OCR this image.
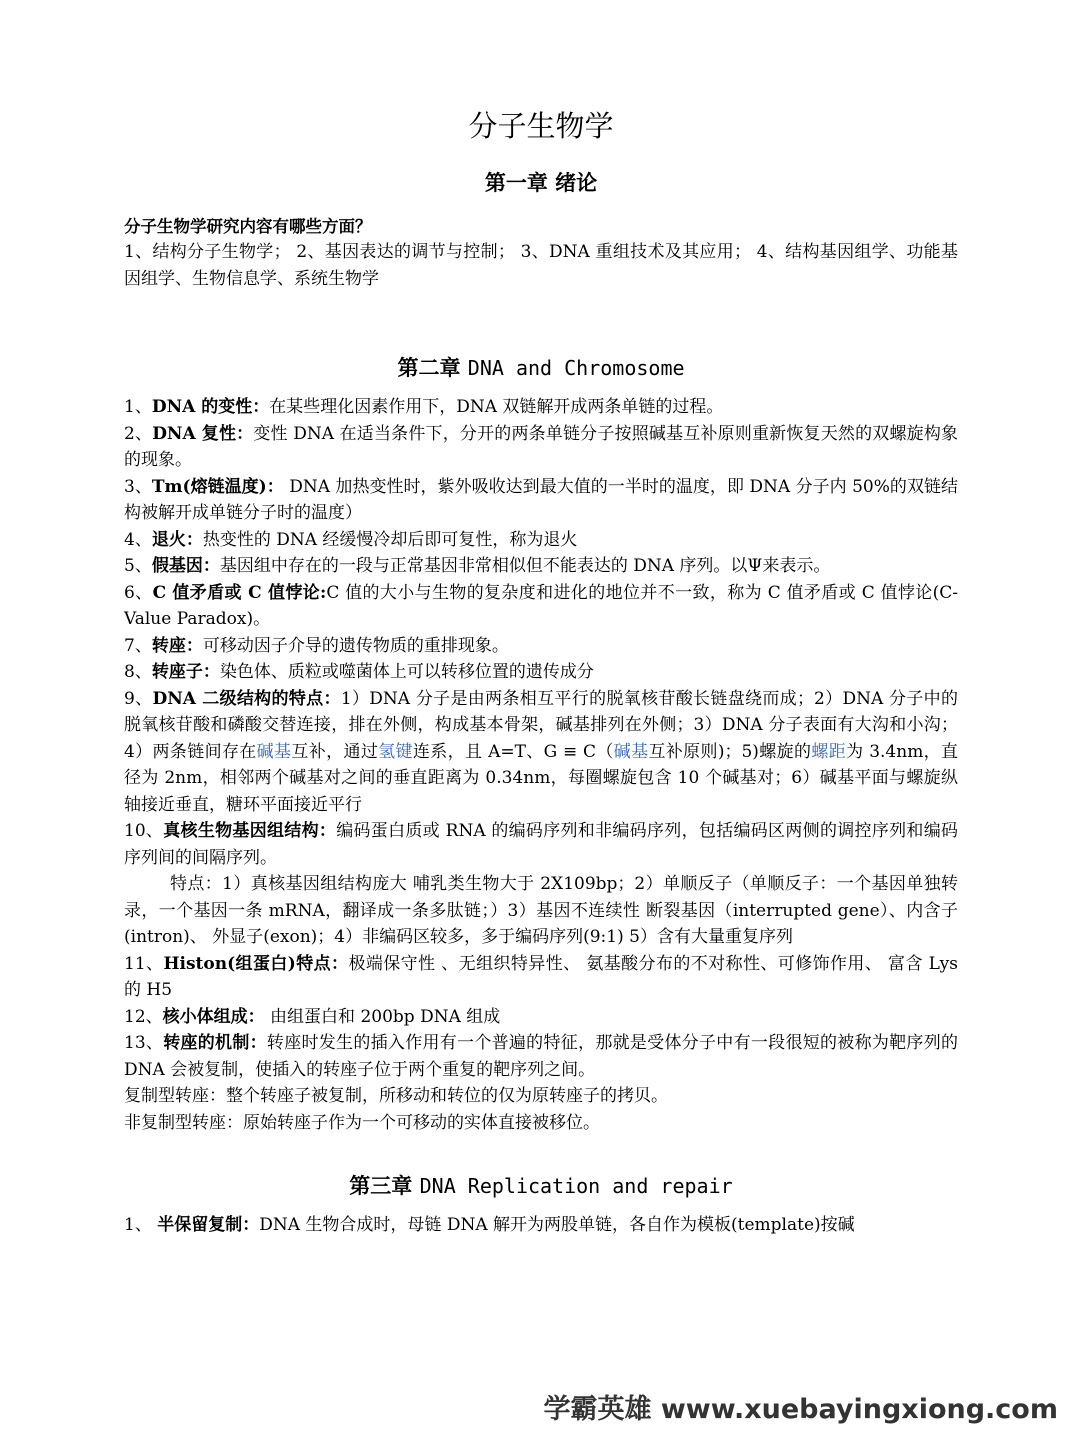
分子生物学
第一章 绪论
分子生物学研究内容有哪些方面？

1、结构分子生物学； 2、基因表达的调节与控制； 3、DNA 重组技术及其应用； 4、结构基因组学、功能基因组学、生物信息学、系统生物学

第二章 DNA and Chromosome

1、DNA 的变性：在某些理化因素作用下，DNA 双链解开成两条单链的过程。

2、DNA 复性：变性 DNA 在适当条件下，分开的两条单链分子按照碱基互补原则重新恢复天然的双螺旋构象的现象。

3、Tm(熔链温度)： DNA 加热变性时，紫外吸收达到最大值的一半时的温度，即 DNA 分子内 50%的双链结构被解开成单链分子时的温度）

4、退火：热变性的 DNA 经缓慢冷却后即可复性，称为退火

5、假基因：基因组中存在的一段与正常基因非常相似但不能表达的 DNA 序列。以Ψ来表示。

6、C 值矛盾或 C 值悖论:C 值的大小与生物的复杂度和进化的地位并不一致，称为 C 值矛盾或 C 值悖论(C-Value Paradox)。

7、转座：可移动因子介导的遗传物质的重排现象。

8、转座子：染色体、质粒或噬菌体上可以转移位置的遗传成分

9、DNA 二级结构的特点：1）DNA 分子是由两条相互平行的脱氧核苷酸长链盘绕而成；2）DNA 分子中的脱氧核苷酸和磷酸交替连接，排在外侧，构成基本骨架，碱基排列在外侧；3）DNA 分子表面有大沟和小沟；4）两条链间存在碱基互补，通过氢键连系，且 A=T、G ≡ C（碱基互补原则)；5)螺旋的螺距为 3.4nm，直径为 2nm，相邻两个碱基对之间的垂直距离为 0.34nm，每圈螺旋包含 10 个碱基对；6）碱基平面与螺旋纵轴接近垂直，糖环平面接近平行

10、真核生物基因组结构：编码蛋白质或 RNA 的编码序列和非编码序列，包括编码区两侧的调控序列和编码序列间的间隔序列。

特点：1）真核基因组结构庞大 哺乳类生物大于 2X109bp；2）单顺反子（单顺反子：一个基因单独转录，一个基因一条 mRNA，翻译成一条多肽链；）3）基因不连续性 断裂基因（interrupted gene）、内含子(intron)、 外显子(exon)；4）非编码区较多，多于编码序列(9:1) 5）含有大量重复序列

11、Histon(组蛋白)特点：极端保守性 、无组织特异性、 氨基酸分布的不对称性、可修饰作用、 富含 Lys 的 H5

12、核小体组成： 由组蛋白和 200bp DNA 组成

13、转座的机制：转座时发生的插入作用有一个普遍的特征，那就是受体分子中有一段很短的被称为靶序列的 DNA 会被复制，使插入的转座子位于两个重复的靶序列之间。

复制型转座：整个转座子被复制，所移动和转位的仅为原转座子的拷贝。

非复制型转座：原始转座子作为一个可移动的实体直接被移位。

第三章 DNA Replication and repair

1、 半保留复制：DNA 生物合成时，母链 DNA 解开为两股单链，各自作为模板(template)按碱

学霸英雄 www.xuebayingxiong.com
